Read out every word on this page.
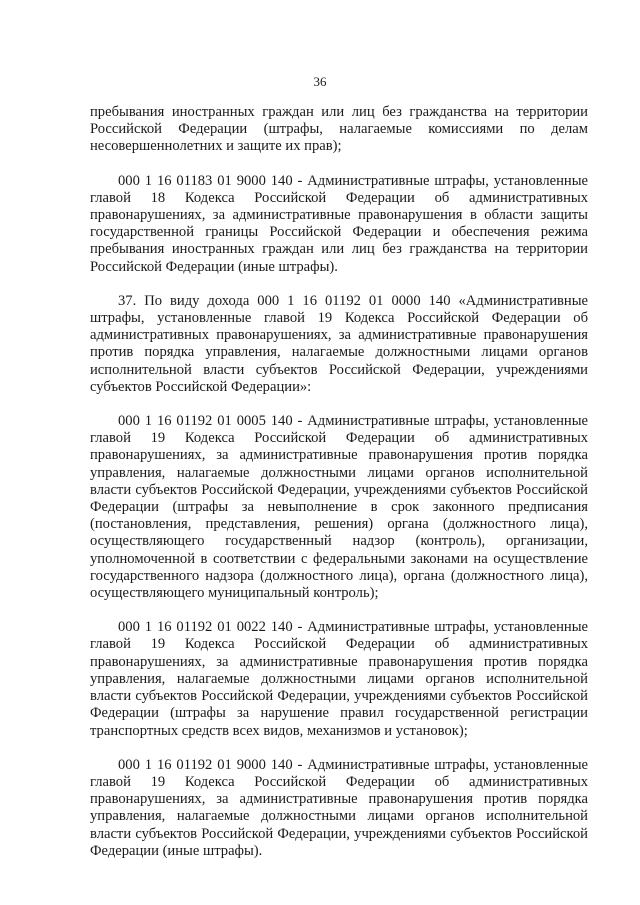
36

пребывания иностранных граждан или лиц без гражданства на территории Российской Федерации (штрафы, налагаемые комиссиями по делам несовершеннолетних и защите их прав);

000 1 16 01183 01 9000 140 - Административные штрафы, установленные главой 18 Кодекса Российской Федерации об административных правонарушениях, за административные правонарушения в области защиты государственной границы Российской Федерации и обеспечения режима пребывания иностранных граждан или лиц без гражданства на территории Российской Федерации (иные штрафы).

37. По виду дохода 000 1 16 01192 01 0000 140 «Административные штрафы, установленные главой 19 Кодекса Российской Федерации об административных правонарушениях, за административные правонарушения против порядка управления, налагаемые должностными лицами органов исполнительной власти субъектов Российской Федерации, учреждениями субъектов Российской Федерации»:

000 1 16 01192 01 0005 140 - Административные штрафы, установленные главой 19 Кодекса Российской Федерации об административных правонарушениях, за административные правонарушения против порядка управления, налагаемые должностными лицами органов исполнительной власти субъектов Российской Федерации, учреждениями субъектов Российской Федерации (штрафы за невыполнение в срок законного предписания (постановления, представления, решения) органа (должностного лица), осуществляющего государственный надзор (контроль), организации, уполномоченной в соответствии с федеральными законами на осуществление государственного надзора (должностного лица), органа (должностного лица), осуществляющего муниципальный контроль);

000 1 16 01192 01 0022 140 - Административные штрафы, установленные главой 19 Кодекса Российской Федерации об административных правонарушениях, за административные правонарушения против порядка управления, налагаемые должностными лицами органов исполнительной власти субъектов Российской Федерации, учреждениями субъектов Российской Федерации (штрафы за нарушение правил государственной регистрации транспортных средств всех видов, механизмов и установок);

000 1 16 01192 01 9000 140 - Административные штрафы, установленные главой 19 Кодекса Российской Федерации об административных правонарушениях, за административные правонарушения против порядка управления, налагаемые должностными лицами органов исполнительной власти субъектов Российской Федерации, учреждениями субъектов Российской Федерации (иные штрафы).
